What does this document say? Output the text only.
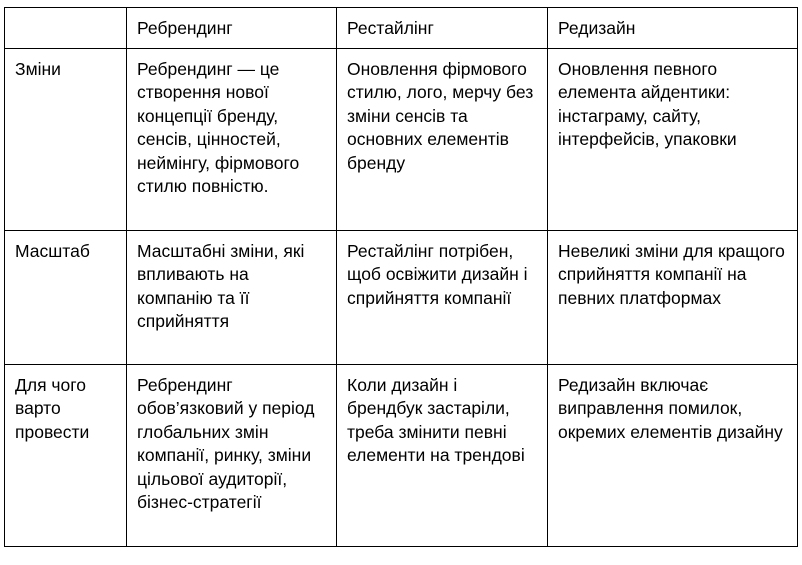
	Ребрендинг	Рестайлінг	Редизайн
Зміни	Ребрендинг — це створення нової концепції бренду, сенсів, цінностей, неймінгу, фірмового стилю повністю.	Оновлення фірмового стилю, лого, мерчу без зміни сенсів та основних елементів бренду	Оновлення певного елемента айдентики: інстаграму, сайту, інтерфейсів, упаковки
Масштаб	Масштабні зміни, які впливають на компанію та її сприйняття	Рестайлінг потрібен, щоб освіжити дизайн і сприйняття компанії	Невеликі зміни для кращого сприйняття компанії на певних платформах
Для чого варто провести	Ребрендинг обов’язковий у період глобальних змін компанії, ринку, зміни цільової аудиторії, бізнес-стратегії	Коли дизайн і брендбук застаріли, треба змінити певні елементи на трендові	Редизайн включає виправлення помилок, окремих елементів дизайну
